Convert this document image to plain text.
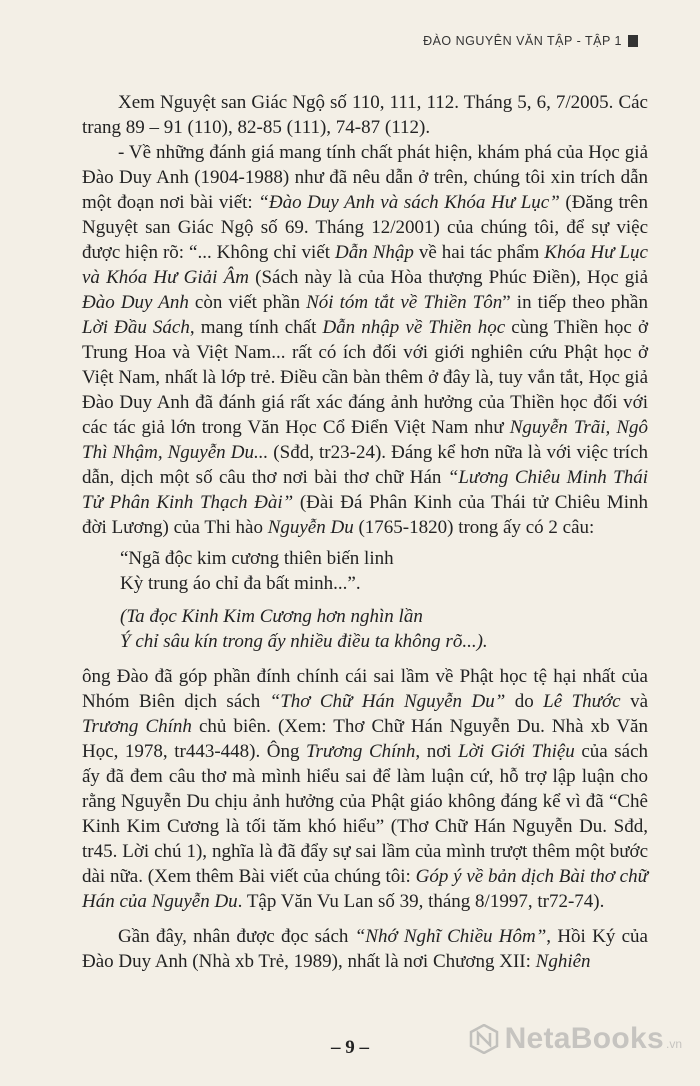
ĐÀO NGUYÊN VĂN TẬP - TẬP 1

Xem Nguyệt san Giác Ngộ số 110, 111, 112. Tháng 5, 6, 7/2005. Các trang 89 – 91 (110), 82-85 (111), 74-87 (112).

- Về những đánh giá mang tính chất phát hiện, khám phá của Học giả Đào Duy Anh (1904-1988) như đã nêu dẫn ở trên, chúng tôi xin trích dẫn một đoạn nơi bài viết: “Đào Duy Anh và sách Khóa Hư Lục” (Đăng trên Nguyệt san Giác Ngộ số 69. Tháng 12/2001) của chúng tôi, để sự việc được hiện rõ: “... Không chỉ viết Dẫn Nhập về hai tác phẩm Khóa Hư Lục và Khóa Hư Giải Âm (Sách này là của Hòa thượng Phúc Điền), Học giả Đào Duy Anh còn viết phần Nói tóm tắt về Thiền Tôn” in tiếp theo phần Lời Đầu Sách, mang tính chất Dẫn nhập về Thiền học cùng Thiền học ở Trung Hoa và Việt Nam... rất có ích đối với giới nghiên cứu Phật học ở Việt Nam, nhất là lớp trẻ. Điều cần bàn thêm ở đây là, tuy vắn tắt, Học giả Đào Duy Anh đã đánh giá rất xác đáng ảnh hưởng của Thiền học đối với các tác giả lớn trong Văn Học Cổ Điển Việt Nam như Nguyễn Trãi, Ngô Thì Nhậm, Nguyễn Du... (Sđd, tr23-24). Đáng kể hơn nữa là với việc trích dẫn, dịch một số câu thơ nơi bài thơ chữ Hán “Lương Chiêu Minh Thái Tử Phân Kinh Thạch Đài” (Đài Đá Phân Kinh của Thái tử Chiêu Minh đời Lương) của Thi hào Nguyễn Du (1765-1820) trong ấy có 2 câu:

“Ngã độc kim cương thiên biến linh
Kỳ trung áo chỉ đa bất minh...”.
(Ta đọc Kinh Kim Cương hơn nghìn lần
Ý chỉ sâu kín trong ấy nhiều điều ta không rõ...).

ông Đào đã góp phần đính chính cái sai lầm về Phật học tệ hại nhất của Nhóm Biên dịch sách “Thơ Chữ Hán Nguyễn Du” do Lê Thước và Trương Chính chủ biên. (Xem: Thơ Chữ Hán Nguyễn Du. Nhà xb Văn Học, 1978, tr443-448). Ông Trương Chính, nơi Lời Giới Thiệu của sách ấy đã đem câu thơ mà mình hiểu sai để làm luận cứ, hỗ trợ lập luận cho rằng Nguyễn Du chịu ảnh hưởng của Phật giáo không đáng kể vì đã “Chê Kinh Kim Cương là tối tăm khó hiểu” (Thơ Chữ Hán Nguyễn Du. Sđd, tr45. Lời chú 1), nghĩa là đã đẩy sự sai lầm của mình trượt thêm một bước dài nữa. (Xem thêm Bài viết của chúng tôi: Góp ý về bản dịch Bài thơ chữ Hán của Nguyễn Du. Tập Văn Vu Lan số 39, tháng 8/1997, tr72-74).

Gần đây, nhân được đọc sách “Nhớ Nghĩ Chiều Hôm”, Hồi Ký của Đào Duy Anh (Nhà xb Trẻ, 1989), nhất là nơi Chương XII: Nghiên

– 9 –	NetaBooks .vn
